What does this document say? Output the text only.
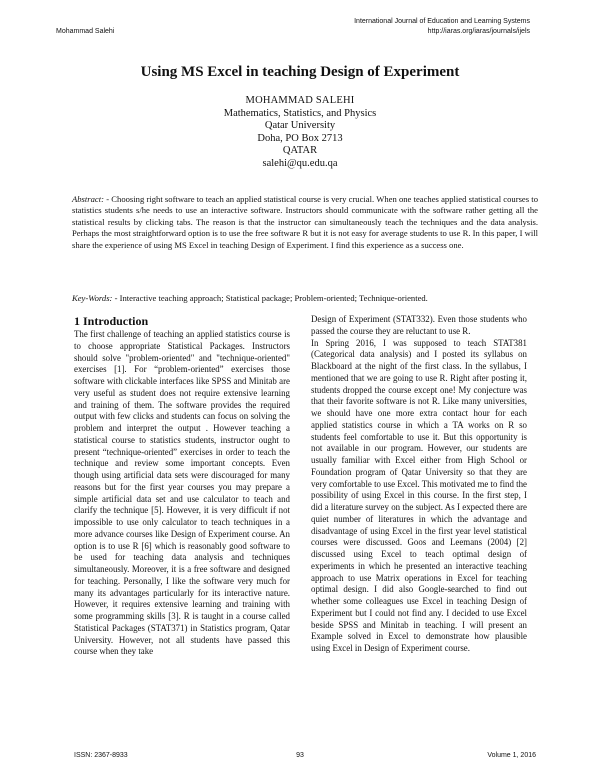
Mohammad Salehi
International Journal of Education and Learning Systems
http://iaras.org/iaras/journals/ijels
Using MS Excel in teaching Design of Experiment
MOHAMMAD SALEHI
Mathematics, Statistics, and Physics
Qatar University
Doha, PO Box 2713
QATAR
salehi@qu.edu.qa
Abstract: - Choosing right software to teach an applied statistical course is very crucial. When one teaches applied statistical courses to statistics students s/he needs to use an interactive software. Instructors should communicate with the software rather getting all the statistical results by clicking tabs. The reason is that the instructor can simultaneously teach the techniques and the data analysis. Perhaps the most straightforward option is to use the free software R but it is not easy for average students to use R. In this paper, I will share the experience of using MS Excel in teaching Design of Experiment. I find this experience as a success one.
Key-Words: - Interactive teaching approach; Statistical package; Problem-oriented; Technique-oriented.
1 Introduction

The first challenge of teaching an applied statistics course is to choose appropriate Statistical Packages. Instructors should solve "problem-oriented" and "technique-oriented" exercises [1]. For “problem-oriented” exercises those software with clickable interfaces like SPSS and Minitab are very useful as student does not require extensive learning and training of them. The software provides the required output with few clicks and students can focus on solving the problem and interpret the output . However teaching a statistical course to statistics students, instructor ought to present “technique-oriented” exercises in order to teach the technique and review some important concepts. Even though using artificial data sets were discouraged for many reasons but for the first year courses you may prepare a simple artificial data set and use calculator to teach and clarify the technique [5]. However, it is very difficult if not impossible to use only calculator to teach techniques in a more advance courses like Design of Experiment course. An option is to use R [6] which is reasonably good software to be used for teaching data analysis and techniques simultaneously. Moreover, it is a free software and designed for teaching. Personally, I like the software very much for many its advantages particularly for its interactive nature. However, it requires extensive learning and training with some programming skills [3]. R is taught in a course called Statistical Packages (STAT371) in Statistics program, Qatar University. However, not all students have passed this course when they take

Design of Experiment (STAT332). Even those students who passed the course they are reluctant to use R.

In Spring 2016, I was supposed to teach STAT381 (Categorical data analysis) and I posted its syllabus on Blackboard at the night of the first class. In the syllabus, I mentioned that we are going to use R. Right after posting it, students dropped the course except one! My conjecture was that their favorite software is not R. Like many universities, we should have one more extra contact hour for each applied statistics course in which a TA works on R so students feel comfortable to use it. But this opportunity is not available in our program. However, our students are usually familiar with Excel either from High School or Foundation program of Qatar University so that they are very comfortable to use Excel. This motivated me to find the possibility of using Excel in this course. In the first step, I did a literature survey on the subject. As I expected there are quiet number of literatures in which the advantage and disadvantage of using Excel in the first year level statistical courses were discussed. Goos and Leemans (2004) [2] discussed using Excel to teach optimal design of experiments in which he presented an interactive teaching approach to use Matrix operations in Excel for teaching optimal design. I did also Google-searched to find out whether some colleagues use Excel in teaching Design of Experiment but I could not find any. I decided to use Excel beside SPSS and Minitab in teaching. I will present an Example solved in Excel to demonstrate how plausible using Excel in Design of Experiment course.

ISSN: 2367-8933	93	Volume 1, 2016
